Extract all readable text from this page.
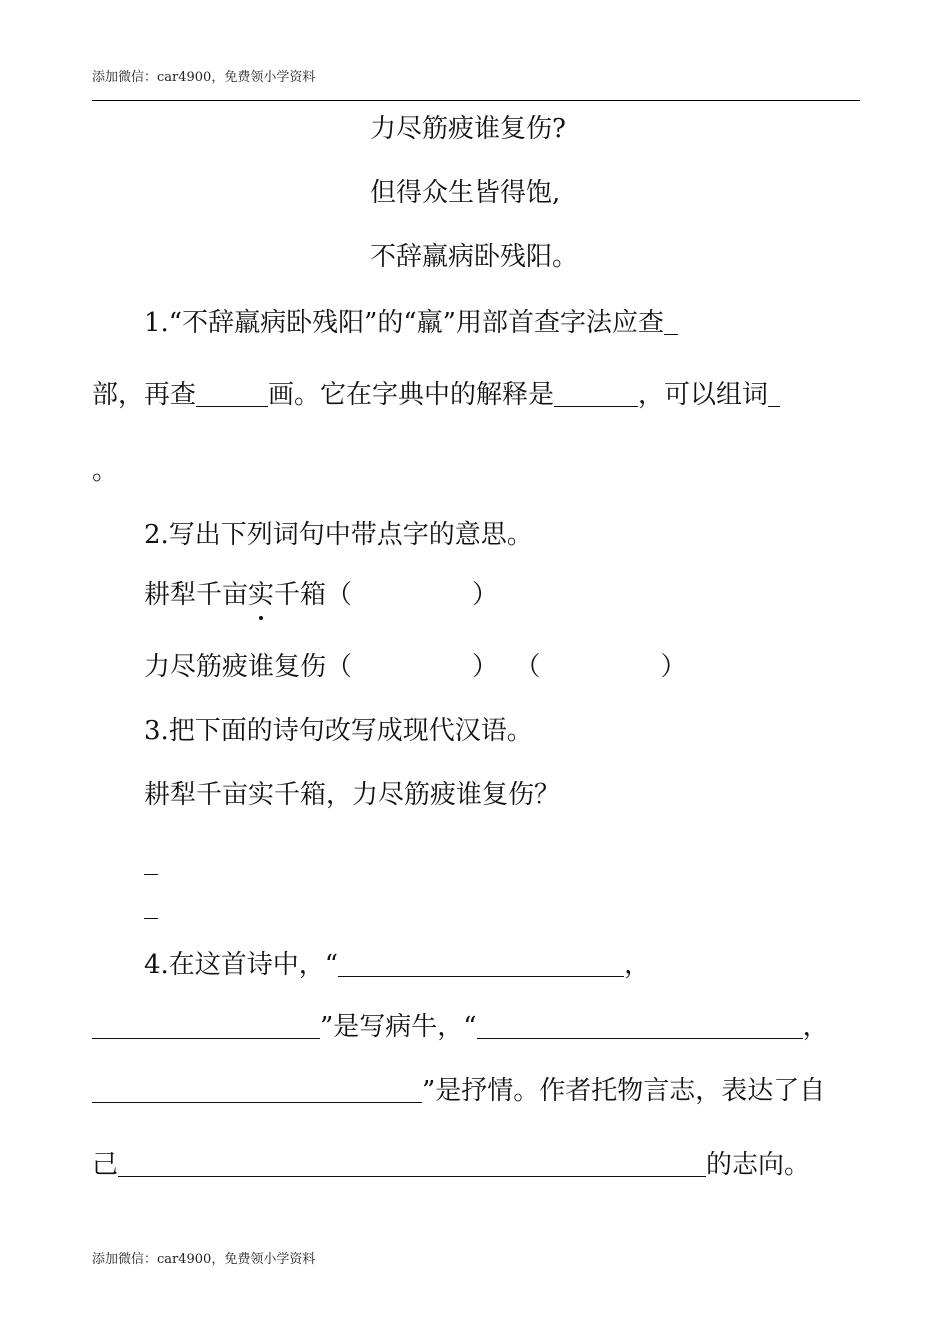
添加微信：car4900，免费领小学资料
力尽筋疲谁复伤?
但得众生皆得饱,
不辞羸病卧残阳。
1.“不辞羸病卧残阳”的“羸”用部首查字法应查
部，再查	画。它在字典中的解释是	，可以组词
。
2.写出下列词句中带点字的意思。
耕犁千亩实千箱（	）
力尽筋疲谁复伤（	）  （	）
3.把下面的诗句改写成现代汉语。
耕犁千亩实千箱，力尽筋疲谁复伤？
4.在这首诗中，“	，
”是写病牛，“	，
”是抒情。作者托物言志，表达了自
己	的志向。
添加微信：car4900，免费领小学资料
